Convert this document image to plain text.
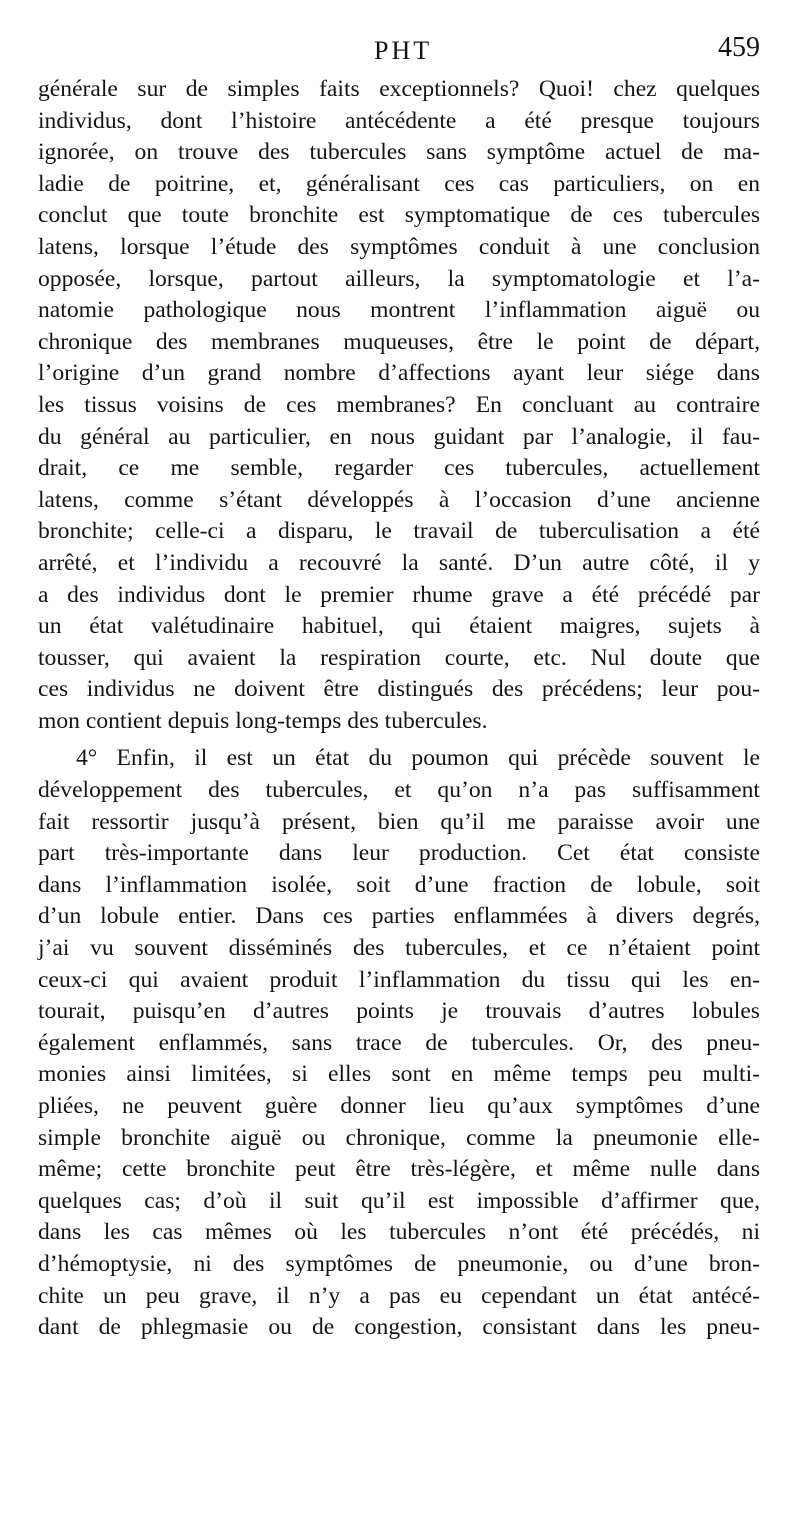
PHT	459
générale sur de simples faits exceptionnels? Quoi! chez quelques
individus, dont l’histoire antécédente a été presque toujours
ignorée, on trouve des tubercules sans symptôme actuel de ma-
ladie de poitrine, et, généralisant ces cas particuliers, on en
conclut que toute bronchite est symptomatique de ces tubercules
latens, lorsque l’étude des symptômes conduit à une conclusion
opposée, lorsque, partout ailleurs, la symptomatologie et l’a-
natomie pathologique nous montrent l’inflammation aiguë ou
chronique des membranes muqueuses, être le point de départ,
l’origine d’un grand nombre d’affections ayant leur siége dans
les tissus voisins de ces membranes? En concluant au contraire
du général au particulier, en nous guidant par l’analogie, il fau-
drait, ce me semble, regarder ces tubercules, actuellement
latens, comme s’étant développés à l’occasion d’une ancienne
bronchite; celle-ci a disparu, le travail de tuberculisation a été
arrêté, et l’individu a recouvré la santé. D’un autre côté, il y
a des individus dont le premier rhume grave a été précédé par
un état valétudinaire habituel, qui étaient maigres, sujets à
tousser, qui avaient la respiration courte, etc. Nul doute que
ces individus ne doivent être distingués des précédens; leur pou-
mon contient depuis long-temps des tubercules.
4° Enfin, il est un état du poumon qui précède souvent le
développement des tubercules, et qu’on n’a pas suffisamment
fait ressortir jusqu’à présent, bien qu’il me paraisse avoir une
part très-importante dans leur production. Cet état consiste
dans l’inflammation isolée, soit d’une fraction de lobule, soit
d’un lobule entier. Dans ces parties enflammées à divers degrés,
j’ai vu souvent disséminés des tubercules, et ce n’étaient point
ceux-ci qui avaient produit l’inflammation du tissu qui les en-
tourait, puisqu’en d’autres points je trouvais d’autres lobules
également enflammés, sans trace de tubercules. Or, des pneu-
monies ainsi limitées, si elles sont en même temps peu multi-
pliées, ne peuvent guère donner lieu qu’aux symptômes d’une
simple bronchite aiguë ou chronique, comme la pneumonie elle-
même; cette bronchite peut être très-légère, et même nulle dans
quelques cas; d’où il suit qu’il est impossible d’affirmer que,
dans les cas mêmes où les tubercules n’ont été précédés, ni
d’hémoptysie, ni des symptômes de pneumonie, ou d’une bron-
chite un peu grave, il n’y a pas eu cependant un état antécé-
dant de phlegmasie ou de congestion, consistant dans les pneu-
